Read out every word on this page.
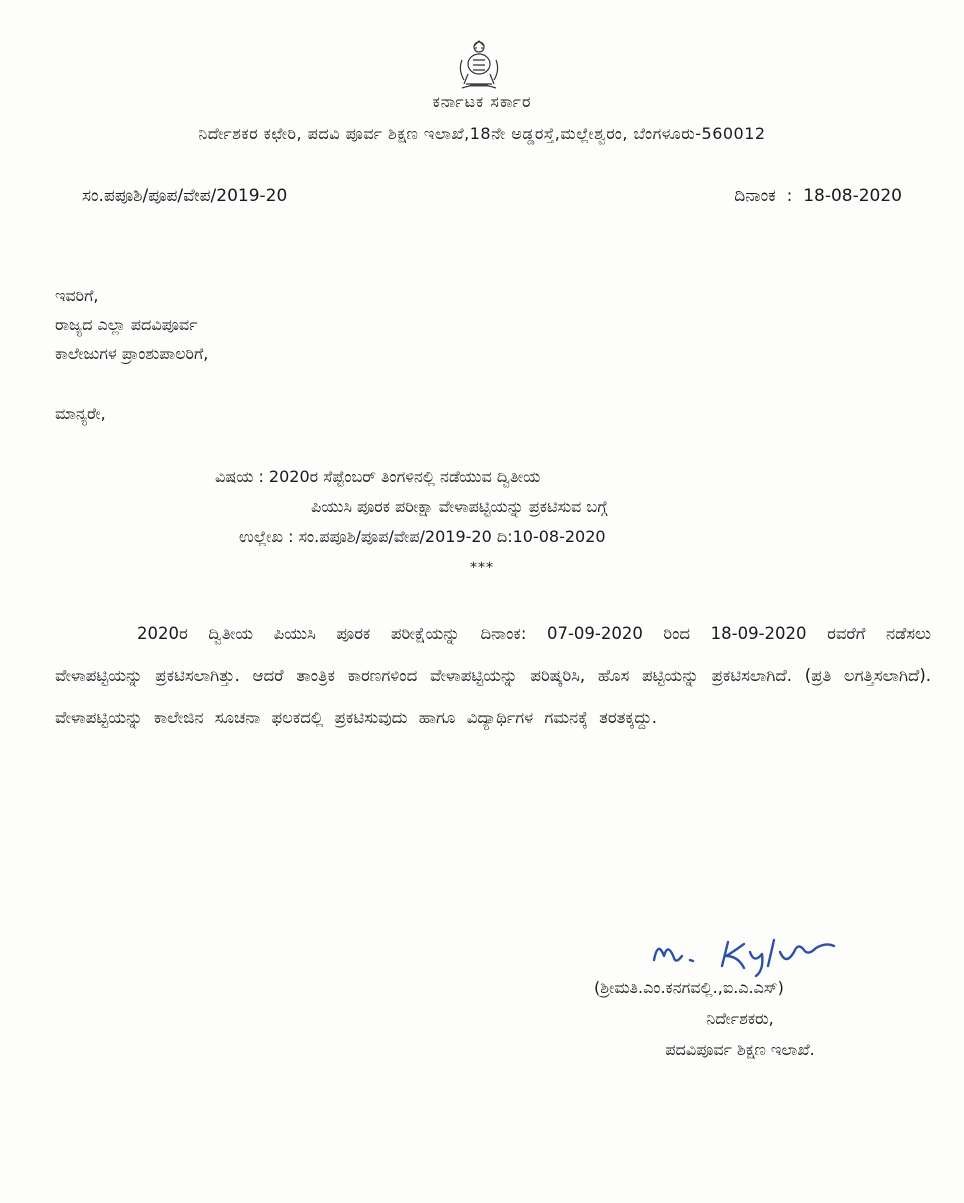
ಕರ್ನಾಟಕ ಸರ್ಕಾರ
ನಿರ್ದೇಶಕರ ಕಛೇರಿ, ಪದವಿ ಪೂರ್ವ ಶಿಕ್ಷಣ ಇಲಾಖೆ,18ನೇ ಅಡ್ಡರಸ್ತೆ,ಮಲ್ಲೇಶ್ವರಂ, ಬೆಂಗಳೂರು-560012
ಸಂ.ಪಪೂಶಿ/ಪೂಪ/ವೇಪ/2019-20	ದಿನಾಂಕ  :  18-08-2020
ಇವರಿಗೆ,
ರಾಜ್ಯದ ಎಲ್ಲಾ ಪದವಿಪೂರ್ವ
ಕಾಲೇಜುಗಳ ಪ್ರಾಂಶುಪಾಲರಿಗೆ,
ಮಾನ್ಯರೇ,
ವಿಷಯ : 2020ರ ಸೆಪ್ಟೆಂಬರ್ ತಿಂಗಳಿನಲ್ಲಿ ನಡೆಯುವ ದ್ವಿತೀಯ
ಪಿಯುಸಿ ಪೂರಕ ಪರೀಕ್ಷಾ ವೇಳಾಪಟ್ಟಿಯನ್ನು ಪ್ರಕಟಿಸುವ ಬಗ್ಗೆ
ಉಲ್ಲೇಖ : ಸಂ.ಪಪೂಶಿ/ಪೂಪ/ವೇಪ/2019-20 ದಿ:10-08-2020
***
2020ರ ದ್ವಿತೀಯ ಪಿಯುಸಿ ಪೂರಕ ಪರೀಕ್ಷೆಯನ್ನು ದಿನಾಂಕ: 07-09-2020 ರಿಂದ 18-09-2020 ರವರೆಗೆ ನಡೆಸಲು ವೇಳಾಪಟ್ಟಿಯನ್ನು ಪ್ರಕಟಿಸಲಾಗಿತ್ತು. ಆದರೆ ತಾಂತ್ರಿಕ ಕಾರಣಗಳಿಂದ ವೇಳಾಪಟ್ಟಿಯನ್ನು ಪರಿಷ್ಕರಿಸಿ, ಹೊಸ ಪಟ್ಟಿಯನ್ನು ಪ್ರಕಟಿಸಲಾಗಿದೆ. (ಪ್ರತಿ ಲಗತ್ತಿಸಲಾಗಿದೆ). ವೇಳಾಪಟ್ಟಿಯನ್ನು ಕಾಲೇಜಿನ ಸೂಚನಾ ಫಲಕದಲ್ಲಿ ಪ್ರಕಟಿಸುವುದು ಹಾಗೂ ವಿದ್ಯಾರ್ಥಿಗಳ ಗಮನಕ್ಕೆ ತರತಕ್ಕದ್ದು.
(ಶ್ರೀಮತಿ.ಎಂ.ಕನಗವಲ್ಲಿ.,ಐ.ಎ.ಎಸ್)
ನಿರ್ದೇಶಕರು,
ಪದವಿಪೂರ್ವ ಶಿಕ್ಷಣ ಇಲಾಖೆ.
